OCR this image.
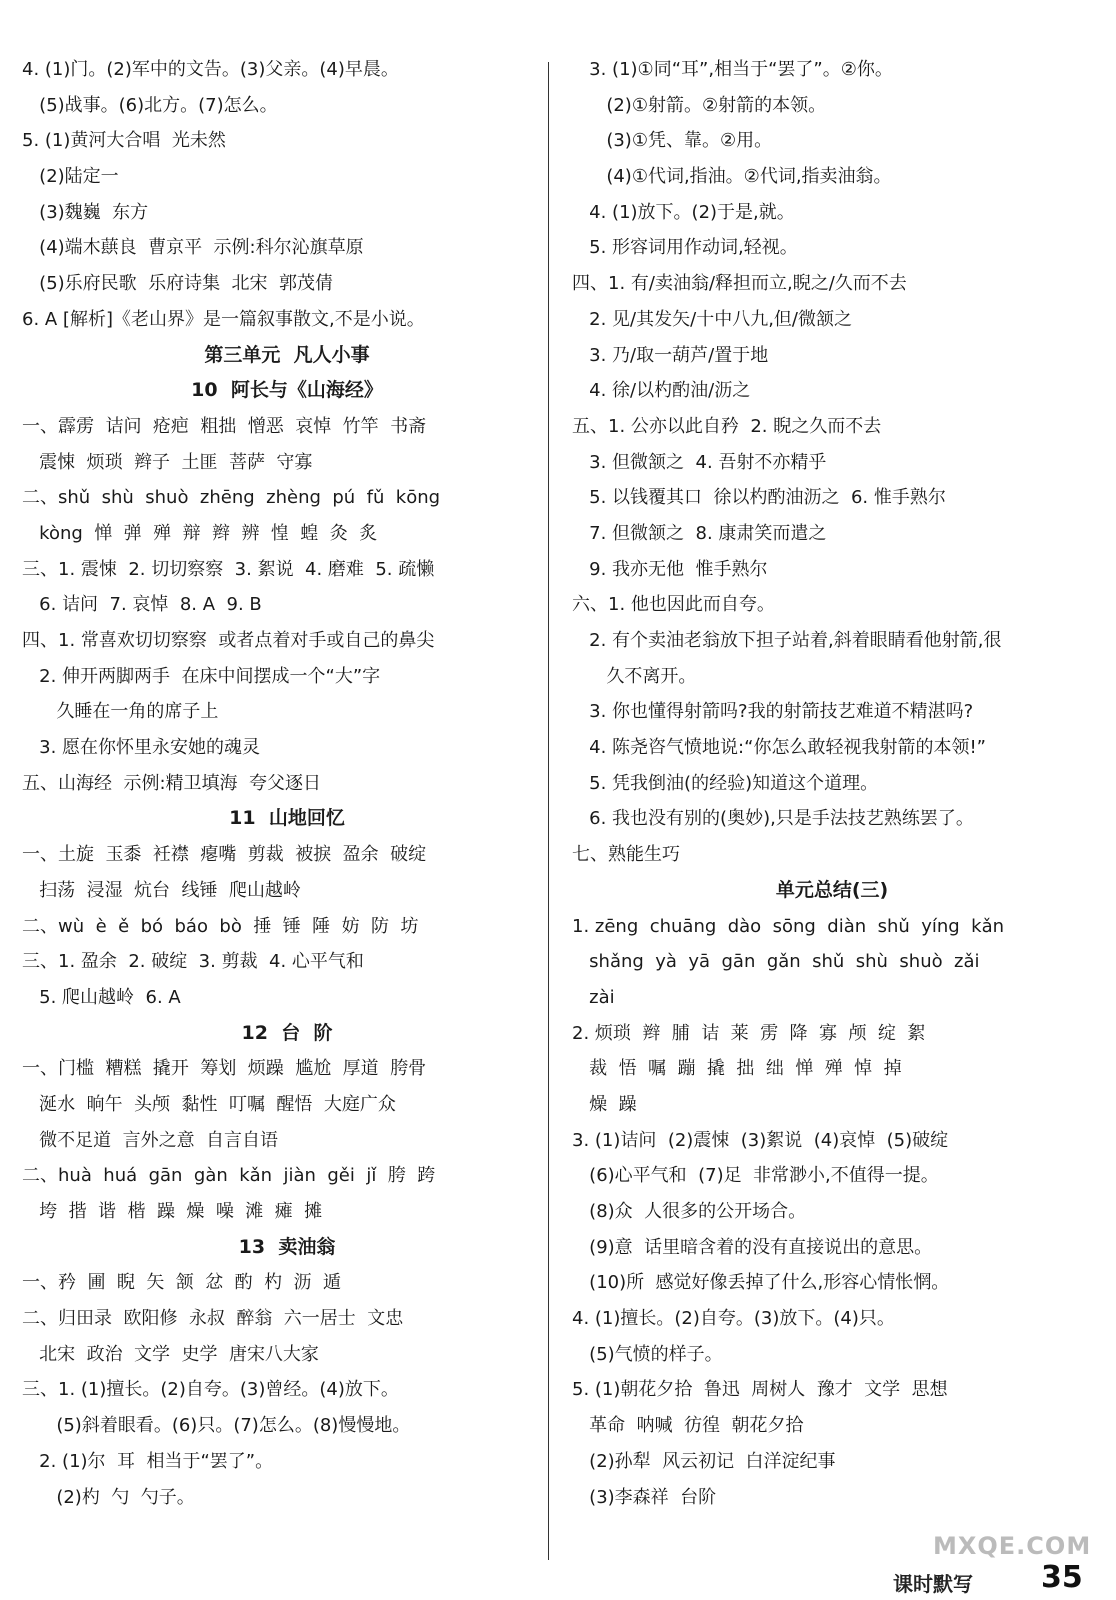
4. (1)门。(2)军中的文告。(3)父亲。(4)早晨。
(5)战事。(6)北方。(7)怎么。
5. (1)黄河大合唱  光未然
(2)陆定一
(3)魏巍  东方
(4)端木蕻良  曹京平  示例:科尔沁旗草原
(5)乐府民歌  乐府诗集  北宋  郭茂倩
6. A [解析]《老山界》是一篇叙事散文,不是小说。
第三单元  凡人小事
10  阿长与《山海经》
一、霹雳  诘问  疮疤  粗拙  憎恶  哀悼  竹竿  书斋
震悚  烦琐  辫子  土匪  菩萨  守寡
二、shǔ  shù  shuò  zhēng  zhèng  pú  fǔ  kōng
kòng  惮  弹  殚  辩  辫  辨  惶  蝗  灸  炙
三、1. 震悚  2. 切切察察  3. 絮说  4. 磨难  5. 疏懒
6. 诘问  7. 哀悼  8. A  9. B
四、1. 常喜欢切切察察  或者点着对手或自己的鼻尖
2. 伸开两脚两手  在床中间摆成一个“大”字
久睡在一角的席子上
3. 愿在你怀里永安她的魂灵
五、山海经  示例:精卫填海  夸父逐日
11  山地回忆
一、土旋  玉黍  衽襟  瘪嘴  剪裁  被捩  盈余  破绽
扫荡  浸湿  炕台  线锤  爬山越岭
二、wù  è  ě  bó  báo  bò  捶  锤  陲  妨  防  坊
三、1. 盈余  2. 破绽  3. 剪裁  4. 心平气和
5. 爬山越岭  6. A
12  台  阶
一、门槛  糟糕  撬开  筹划  烦躁  尴尬  厚道  胯骨
涎水  晌午  头颅  黏性  叮嘱  醒悟  大庭广众
微不足道  言外之意  自言自语
二、huà  huá  gān  gàn  kǎn  jiàn  gěi  jǐ  胯  跨
垮  揩  谐  楷  躁  燥  噪  滩  瘫  摊
13  卖油翁
一、矜  圃  睨  矢  颔  忿  酌  杓  沥  遁
二、归田录  欧阳修  永叔  醉翁  六一居士  文忠
北宋  政治  文学  史学  唐宋八大家
三、1. (1)擅长。(2)自夸。(3)曾经。(4)放下。
(5)斜着眼看。(6)只。(7)怎么。(8)慢慢地。
2. (1)尔  耳  相当于“罢了”。
(2)杓  勺  勺子。
3. (1)①同“耳”,相当于“罢了”。②你。
(2)①射箭。②射箭的本领。
(3)①凭、靠。②用。
(4)①代词,指油。②代词,指卖油翁。
4. (1)放下。(2)于是,就。
5. 形容词用作动词,轻视。
四、1. 有/卖油翁/释担而立,睨之/久而不去
2. 见/其发矢/十中八九,但/微颔之
3. 乃/取一葫芦/置于地
4. 徐/以杓酌油/沥之
五、1. 公亦以此自矜  2. 睨之久而不去
3. 但微颔之  4. 吾射不亦精乎
5. 以钱覆其口  徐以杓酌油沥之  6. 惟手熟尔
7. 但微颔之  8. 康肃笑而遣之
9. 我亦无他  惟手熟尔
六、1. 他也因此而自夸。
2. 有个卖油老翁放下担子站着,斜着眼睛看他射箭,很
久不离开。
3. 你也懂得射箭吗?我的射箭技艺难道不精湛吗?
4. 陈尧咨气愤地说:“你怎么敢轻视我射箭的本领!”
5. 凭我倒油(的经验)知道这个道理。
6. 我也没有别的(奥妙),只是手法技艺熟练罢了。
七、熟能生巧
单元总结(三)
1. zēng  chuāng  dào  sōng  diàn  shǔ  yíng  kǎn
shǎng  yà  yā  gān  gǎn  shǔ  shù  shuò  zǎi
zài
2. 烦琐  辫  脯  诘  莱  雳  降  寡  颅  绽  絮
裁  悟  嘱  蹦  撬  拙  绌  惮  殚  悼  掉
燥  躁
3. (1)诘问  (2)震悚  (3)絮说  (4)哀悼  (5)破绽
(6)心平气和  (7)足  非常渺小,不值得一提。
(8)众  人很多的公开场合。
(9)意  话里暗含着的没有直接说出的意思。
(10)所  感觉好像丢掉了什么,形容心情怅惘。
4. (1)擅长。(2)自夸。(3)放下。(4)只。
(5)气愤的样子。
5. (1)朝花夕拾  鲁迅  周树人  豫才  文学  思想
革命  呐喊  彷徨  朝花夕拾
(2)孙犁  风云初记  白洋淀纪事
(3)李森祥  台阶
MXQE.COM
课时默写 35
